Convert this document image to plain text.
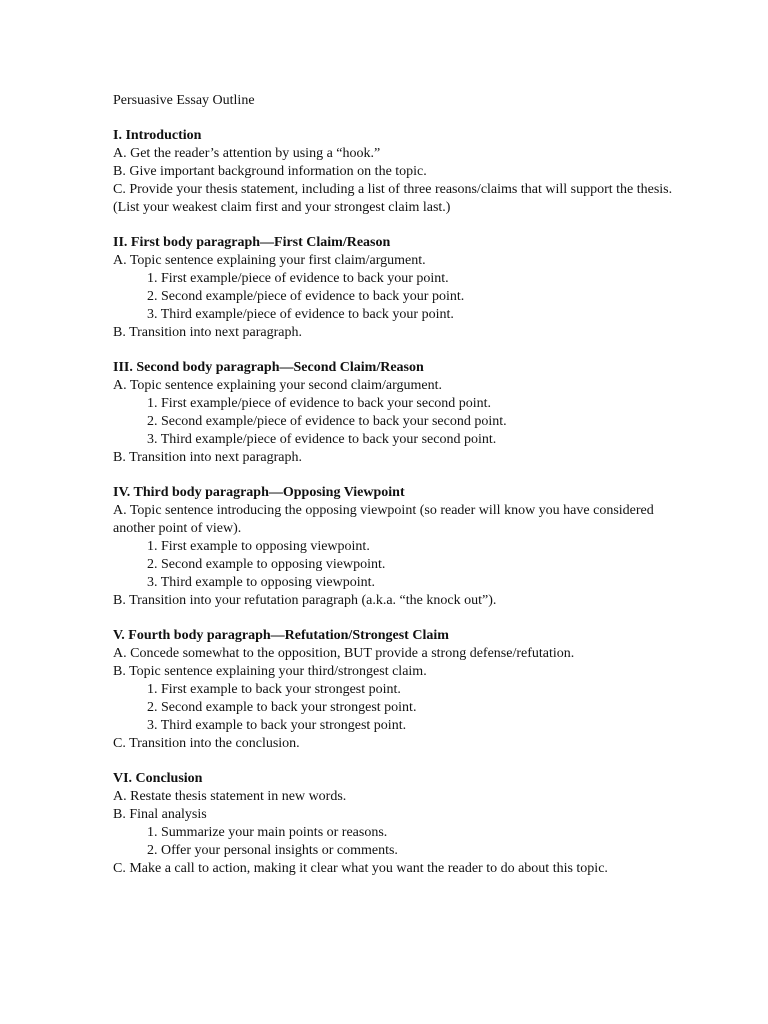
Persuasive Essay Outline
I. Introduction

A. Get the reader’s attention by using a “hook.”

B. Give important background information on the topic.

C. Provide your thesis statement, including a list of three reasons/claims that will support the thesis. (List your weakest claim first and your strongest claim last.)

II. First body paragraph—First Claim/Reason

A. Topic sentence explaining your first claim/argument.

1. First example/piece of evidence to back your point.

2. Second example/piece of evidence to back your point.

3. Third example/piece of evidence to back your point.

B. Transition into next paragraph.

III. Second body paragraph—Second Claim/Reason

A. Topic sentence explaining your second claim/argument.

1. First example/piece of evidence to back your second point.

2. Second example/piece of evidence to back your second point.

3. Third example/piece of evidence to back your second point.

B. Transition into next paragraph.

IV. Third body paragraph—Opposing Viewpoint

A. Topic sentence introducing the opposing viewpoint (so reader will know you have considered another point of view).

1. First example to opposing viewpoint.

2. Second example to opposing viewpoint.

3. Third example to opposing viewpoint.

B. Transition into your refutation paragraph (a.k.a. “the knock out”).

V. Fourth body paragraph—Refutation/Strongest Claim

A. Concede somewhat to the opposition, BUT provide a strong defense/refutation.

B. Topic sentence explaining your third/strongest claim.

1. First example to back your strongest point.

2. Second example to back your strongest point.

3. Third example to back your strongest point.

C. Transition into the conclusion.

VI. Conclusion

A. Restate thesis statement in new words.

B. Final analysis

1. Summarize your main points or reasons.

2. Offer your personal insights or comments.

C. Make a call to action, making it clear what you want the reader to do about this topic.
